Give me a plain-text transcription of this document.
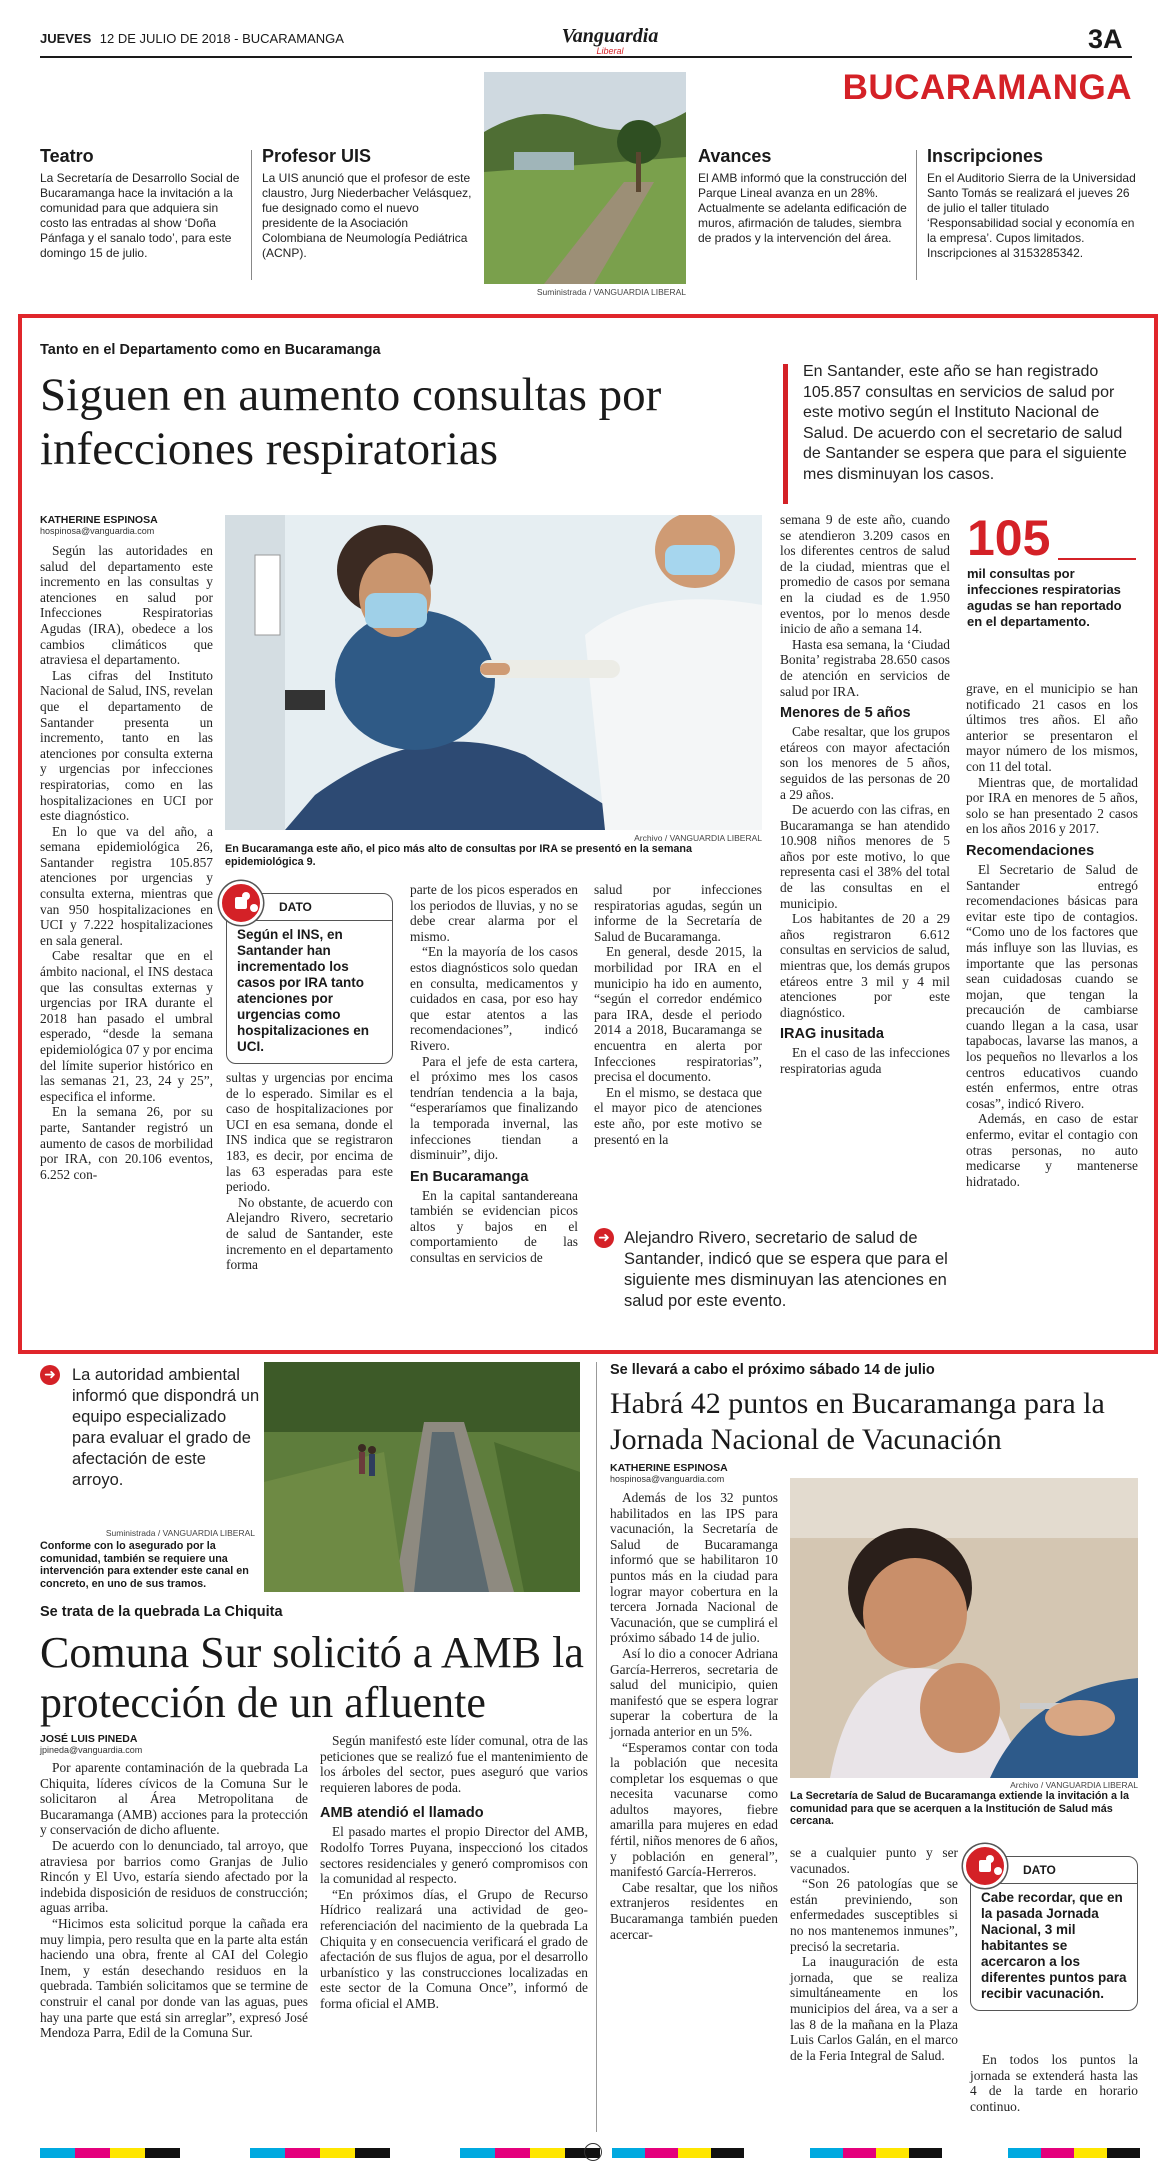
JUEVES 12 DE JULIO DE 2018 - BUCARAMANGA	Vanguardia
Liberal	3A
BUCARAMANGA
Teatro
La Secretaría de Desarrollo Social de Bucaramanga hace la invitación a la comunidad para que adquiera sin costo las entradas al show ‘Doña Pánfaga y el sanalo todo’, para este domingo 15 de julio.
Profesor UIS
La UIS anunció que el profesor de este claustro, Jurg Niederbacher Velásquez, fue designado como el nuevo presidente de la Asociación Colombiana de Neumología Pediátrica (ACNP).
Suministrada / VANGUARDIA LIBERAL
Avances
El AMB informó que la construcción del Parque Lineal avanza en un 28%. Actualmente se adelanta edificación de muros, afirmación de taludes, siembra de prados y la intervención del área.
Inscripciones
En el Auditorio Sierra de la Universidad Santo Tomás se realizará el jueves 26 de julio el taller titulado ‘Responsabilidad social y economía en la empresa’. Cupos limitados. Inscripciones al 3153285342.
Tanto en el Departamento como en Bucaramanga
Siguen en aumento consultas por infecciones respiratorias
En Santander, este año se han registrado 105.857 consultas en servicios de salud por este motivo según el Instituto Nacional de Salud. De acuerdo con el secretario de salud de Santander se espera que para el siguiente mes disminuyan los casos.
KATHERINE ESPINOSA
hospinosa@vanguardia.com
Archivo / VANGUARDIA LIBERAL
En Bucaramanga este año, el pico más alto de consultas por IRA se presentó en la semana epidemiológica 9.
105
mil consultas por infecciones respiratorias agudas se han reportado en el departamento.

Según las autoridades en salud del departamento este incremento en las consultas y atenciones en salud por Infecciones Respiratorias Agudas (IRA), obedece a los cambios climáticos que atraviesa el departamento.

Las cifras del Instituto Nacional de Salud, INS, revelan que el departamento de Santander presenta un incremento, tanto en las atenciones por consulta externa y urgencias por infecciones respiratorias, como en las hospitalizaciones en UCI por este diagnóstico.

En lo que va del año, a semana epidemiológica 26, Santander registra 105.857 atenciones por urgencias y consulta externa, mientras que van 950 hospitalizaciones en UCI y 7.222 hospitalizaciones en sala general.

Cabe resaltar que en el ámbito nacional, el INS destaca que las consultas externas y urgencias por IRA durante el 2018 han pasado el umbral esperado, “desde la semana epidemiológica 07 y por encima del límite superior histórico en las semanas 21, 23, 24 y 25”, especifica el informe.

En la semana 26, por su parte, Santander registró un aumento de casos de morbilidad por IRA, con 20.106 eventos, 6.252 con-

DATO
Según el INS, en Santander han incrementado los casos por IRA tanto atenciones por urgencias como hospitalizaciones en UCI.

sultas y urgencias por encima de lo esperado. Similar es el caso de hospitalizaciones por UCI en esa semana, donde el INS indica que se registraron 183, es decir, por encima de las 63 esperadas para este periodo.

No obstante, de acuerdo con Alejandro Rivero, secretario de salud de Santander, este incremento en el departamento forma

parte de los picos esperados en los periodos de lluvias, y no se debe crear alarma por el mismo.

“En la mayoría de los casos estos diagnósticos solo quedan en consulta, medicamentos y cuidados en casa, por eso hay que estar atentos a las recomendaciones”, indicó Rivero.

Para el jefe de esta cartera, el próximo mes los casos tendrían tendencia a la baja, “esperaríamos que finalizando la temporada invernal, las infecciones tiendan a disminuir”, dijo.

En Bucaramanga

En la capital santandereana también se evidencian picos altos y bajos en el comportamiento de las consultas en servicios de

salud por infecciones respiratorias agudas, según un informe de la Secretaría de Salud de Bucaramanga.

En general, desde 2015, la morbilidad por IRA en el municipio ha ido en aumento, “según el corredor endémico para IRA, desde el periodo 2014 a 2018, Bucaramanga se encuentra en alerta por Infecciones respiratorias”, precisa el documento.

En el mismo, se destaca que el mayor pico de atenciones este año, por este motivo se presentó en la

semana 9 de este año, cuando se atendieron 3.209 casos en los diferentes centros de salud de la ciudad, mientras que el promedio de casos por semana en la ciudad es de 1.950 eventos, por lo menos desde inicio de año a semana 14.

Hasta esa semana, la ‘Ciudad Bonita’ registraba 28.650 casos de atención en servicios de salud por IRA.

Menores de 5 años

Cabe resaltar, que los grupos etáreos con mayor afectación son los menores de 5 años, seguidos de las personas de 20 a 29 años.

De acuerdo con las cifras, en Bucaramanga se han atendido 10.908 niños menores de 5 años por este motivo, lo que representa casi el 38% del total de las consultas en el municipio.

Los habitantes de 20 a 29 años registraron 6.612 consultas en servicios de salud, mientras que, los demás grupos etáreos entre 3 mil y 4 mil atenciones por este diagnóstico.

IRAG inusitada

En el caso de las infecciones respiratorias aguda

grave, en el municipio se han notificado 21 casos en los últimos tres años. El año anterior se presentaron el mayor número de los mismos, con 11 del total.

Mientras que, de mortalidad por IRA en menores de 5 años, solo se han presentado 2 casos en los años 2016 y 2017.

Recomendaciones

El Secretario de Salud de Santander entregó recomendaciones básicas para evitar este tipo de contagios. “Como uno de los factores que más influye son las lluvias, es importante que las personas sean cuidadosas cuando se mojan, que tengan la precaución de cambiarse cuando llegan a la casa, usar tapabocas, lavarse las manos, a los pequeños no llevarlos a los centros educativos cuando estén enfermos, entre otras cosas”, indicó Rivero.

Además, en caso de estar enfermo, evitar el contagio con otras personas, no auto medicarse y mantenerse hidratado.

➜ Alejandro Rivero, secretario de salud de Santander, indicó que se espera que para el siguiente mes disminuyan las atenciones en salud por este evento.
➜ La autoridad ambiental informó que dispondrá un equipo especializado para evaluar el grado de afectación de este arroyo.
Suministrada / VANGUARDIA LIBERAL
Conforme con lo asegurado por la comunidad, también se requiere una intervención para extender este canal en concreto, en uno de sus tramos.
Se trata de la quebrada La Chiquita
Comuna Sur solicitó a AMB la protección de un afluente
JOSÉ LUIS PINEDA
jpineda@vanguardia.com

Por aparente contaminación de la quebrada La Chiquita, líderes cívicos de la Comuna Sur le solicitaron al Área Metropolitana de Bucaramanga (AMB) acciones para la protección y conservación de dicho afluente.

De acuerdo con lo denunciado, tal arroyo, que atraviesa por barrios como Granjas de Julio Rincón y El Uvo, estaría siendo afectado por la indebida disposición de residuos de construcción; aguas arriba.

“Hicimos esta solicitud porque la cañada era muy limpia, pero resulta que en la parte alta están haciendo una obra, frente al CAI del Colegio Inem, y están desechando residuos en la quebrada. También solicitamos que se termine de construir el canal por donde van las aguas, pues hay una parte que está sin arreglar”, expresó José Mendoza Parra, Edil de la Comuna Sur.

Según manifestó este líder comunal, otra de las peticiones que se realizó fue el mantenimiento de los árboles del sector, pues aseguró que varios requieren labores de poda.

AMB atendió el llamado

El pasado martes el propio Director del AMB, Rodolfo Torres Puyana, inspeccionó los citados sectores residenciales y generó compromisos con la comunidad al respecto.

“En próximos días, el Grupo de Recurso Hídrico realizará una actividad de geo-referenciación del nacimiento de la quebrada La Chiquita y en consecuencia verificará el grado de afectación de sus flujos de agua, por el desarrollo urbanístico y las construcciones localizadas en este sector de la Comuna Once”, informó de forma oficial el AMB.

Se llevará a cabo el próximo sábado 14 de julio
Habrá 42 puntos en Bucaramanga para la Jornada Nacional de Vacunación
KATHERINE ESPINOSA
hospinosa@vanguardia.com

Además de los 32 puntos habilitados en las IPS para vacunación, la Secretaría de Salud de Bucaramanga informó que se habilitaron 10 puntos más en la ciudad para lograr mayor cobertura en la tercera Jornada Nacional de Vacunación, que se cumplirá el próximo sábado 14 de julio.

Así lo dio a conocer Adriana García-Herreros, secretaria de salud del municipio, quien manifestó que se espera lograr superar la cobertura de la jornada anterior en un 5%.

“Esperamos contar con toda la población que necesita completar los esquemas o que necesita vacunarse como adultos mayores, fiebre amarilla para mujeres en edad fértil, niños menores de 6 años, y población en general”, manifestó García-Herreros.

Cabe resaltar, que los niños extranjeros residentes en Bucaramanga también pueden acercar-

Archivo / VANGUARDIA LIBERAL
La Secretaría de Salud de Bucaramanga extiende la invitación a la comunidad para que se acerquen a la Institución de Salud más cercana.

se a cualquier punto y ser vacunados.

“Son 26 patologías que se están previniendo, son enfermedades susceptibles si no nos mantenemos inmunes”, precisó la secretaria.

La inauguración de esta jornada, que se realiza simultáneamente en los municipios del área, va a ser a las 8 de la mañana en la Plaza Luis Carlos Galán, en el marco de la Feria Integral de Salud.

DATO
Cabe recordar, que en la pasada Jornada Nacional, 3 mil habitantes se acercaron a los diferentes puntos para recibir vacunación.

En todos los puntos la jornada se extenderá hasta las 4 de la tarde en horario continuo.
